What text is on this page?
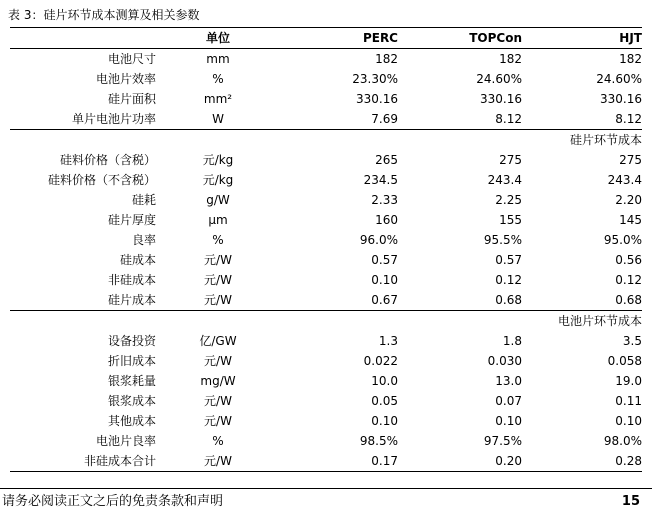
表 3：硅片环节成本测算及相关参数
	单位	PERC	TOPCon	HJT
电池尺寸	mm	182	182	182
电池片效率	%	23.30%	24.60%	24.60%
硅片面积	mm²	330.16	330.16	330.16
单片电池片功率	W	7.69	8.12	8.12
硅片环节成本				
硅料价格（含税）	元/kg	265	275	275
硅料价格（不含税）	元/kg	234.5	243.4	243.4
硅耗	g/W	2.33	2.25	2.20
硅片厚度	μm	160	155	145
良率	%	96.0%	95.5%	95.0%
硅成本	元/W	0.57	0.57	0.56
非硅成本	元/W	0.10	0.12	0.12
硅片成本	元/W	0.67	0.68	0.68
电池片环节成本				
设备投资	亿/GW	1.3	1.8	3.5
折旧成本	元/W	0.022	0.030	0.058
银浆耗量	mg/W	10.0	13.0	19.0
银浆成本	元/W	0.05	0.07	0.11
其他成本	元/W	0.10	0.10	0.10
电池片良率	%	98.5%	97.5%	98.0%
非硅成本合计	元/W	0.17	0.20	0.28
请务必阅读正文之后的免责条款和声明	15
